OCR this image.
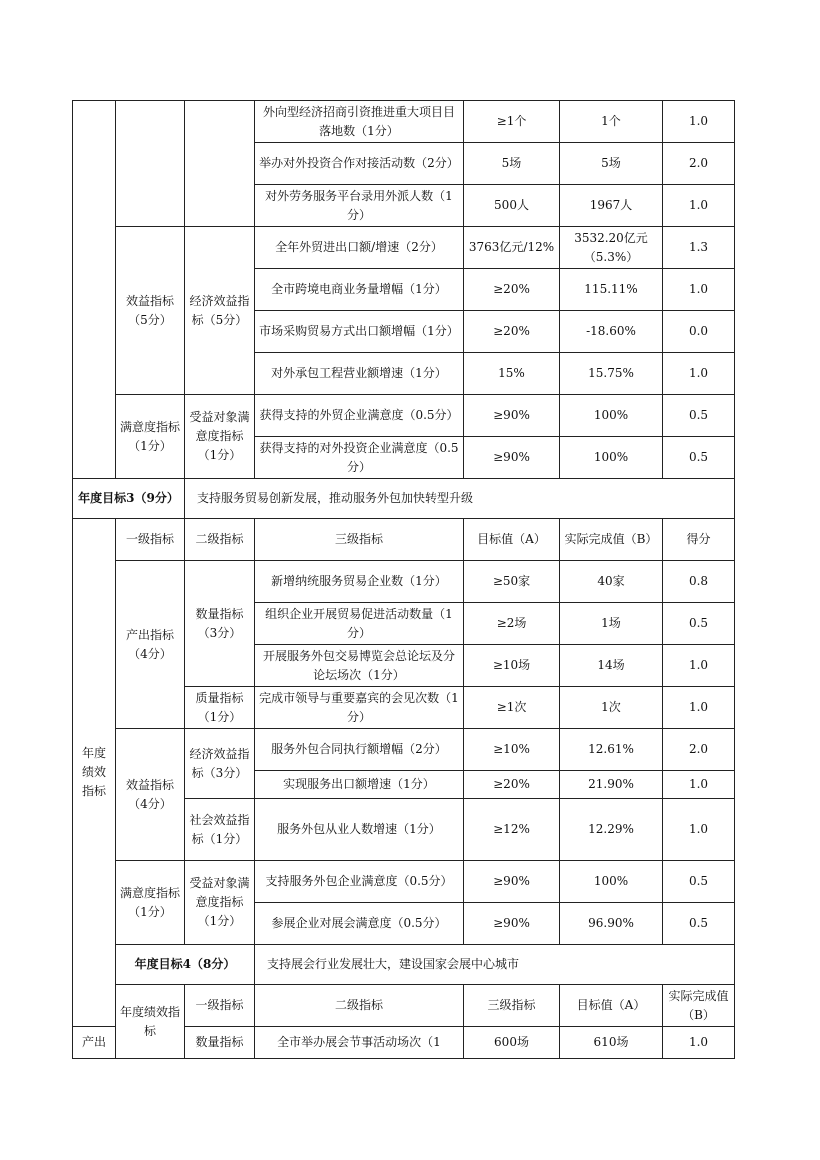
			外向型经济招商引资推进重大项目目落地数（1分）	≥1个	1个	1.0	
			举办对外投资合作对接活动数（2分）	5场	5场	2.0	
			对外劳务服务平台录用外派人数（1分）	500人	1967人	1.0	
	效益指标（5分）	经济效益指标（5分）	全年外贸进出口额/增速（2分）	3763亿元/12%	3532.20亿元（5.3%）	1.3	
			全市跨境电商业务量增幅（1分）	≥20%	115.11%	1.0	
			市场采购贸易方式出口额增幅（1分）	≥20%	-18.60%	0.0	
			对外承包工程营业额增速（1分）	15%	15.75%	1.0	
	满意度指标（1分）	受益对象满意度指标（1分）	获得支持的外贸企业满意度（0.5分）	≥90%	100%	0.5	
			获得支持的对外投资企业满意度（0.5分）	≥90%	100%	0.5	
年度目标3（9分）		支持服务贸易创新发展，推动服务外包加快转型升级					
年度绩效指标	一级指标	二级指标	三级指标	目标值（A）	实际完成值（B）	得分	
	产出指标（4分）	数量指标（3分）	新增纳统服务贸易企业数（1分）	≥50家	40家	0.8	
			组织企业开展贸易促进活动数量（1分）	≥2场	1场	0.5	
			开展服务外包交易博览会总论坛及分论坛场次（1分）	≥10场	14场	1.0	
		质量指标（1分）	完成市领导与重要嘉宾的会见次数（1分）	≥1次	1次	1.0	
	效益指标（4分）	经济效益指标（3分）	服务外包合同执行额增幅（2分）	≥10%	12.61%	2.0	
			实现服务出口额增速（1分）	≥20%	21.90%	1.0	
		社会效益指标（1分）	服务外包从业人数增速（1分）	≥12%	12.29%	1.0	
	满意度指标（1分）	受益对象满意度指标（1分）	支持服务外包企业满意度（0.5分）	≥90%	100%	0.5	
			参展企业对展会满意度（0.5分）	≥90%	96.90%	0.5	
	年度目标4（8分）		支持展会行业发展壮大，建设国家会展中心城市				
	年度绩效指标	一级指标	二级指标	三级指标	目标值（A）	实际完成值（B）	
产出		数量指标	全市举办展会节事活动场次（1	600场	610场	1.0	
